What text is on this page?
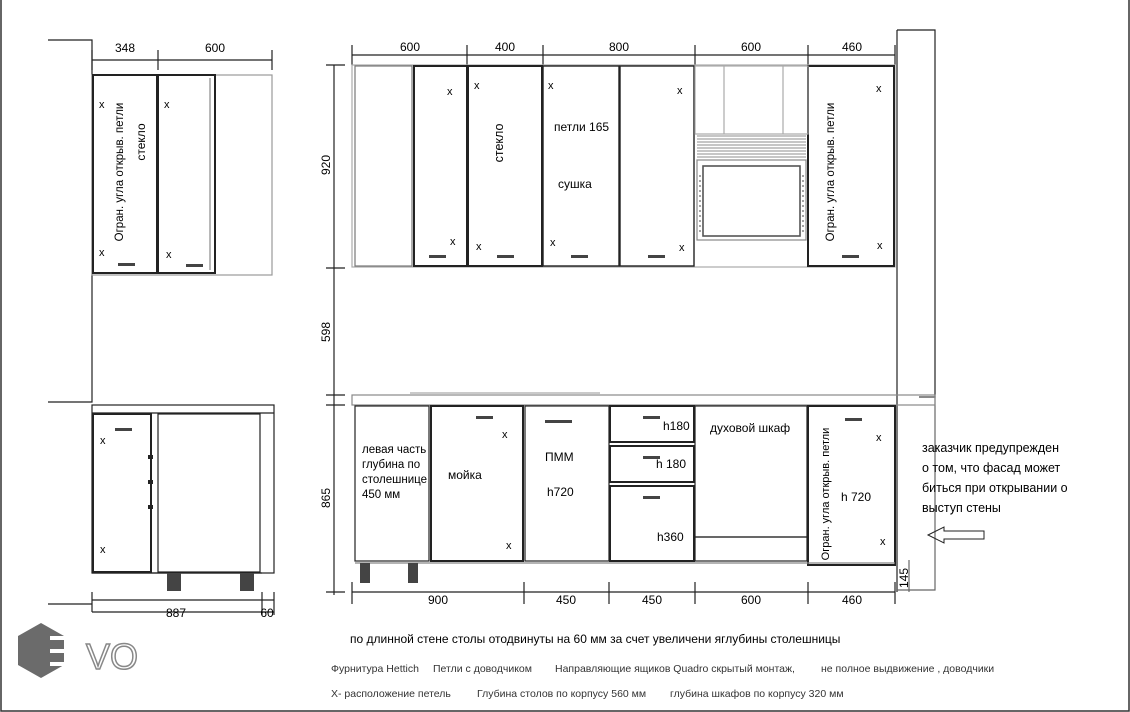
348	600
887	60
600	400	800	600	460
900	450	450	600	460
920
598
865
145
Огран. угла открыв. петли стекло	стекло	петли 165
сушка	Огран. угла открыв. петли
левая часть
глубина по
столешнице
450 мм
мойка
ПММ
h720
h180
h 180
h360
духовой шкаф	Огран. угла открыв. петли h 720
заказчик предупрежден
о том, что фасад может
биться при открывании о
выступ стены
VO
x
x
x
x
x
x
x
x
x
x
x
x
x
x
x
x
x
x
x
x
по длинной стене столы отодвинуты на 60 мм за счет увеличени яглубины столешницы
Фурнитура Hettich Петли с доводчиком Направляющие ящиков Quadro скрытый монтаж, не полное выдвижение , доводчики
X- расположение петель Глубина столов по корпусу 560 мм глубина шкафов по корпусу 320 мм
